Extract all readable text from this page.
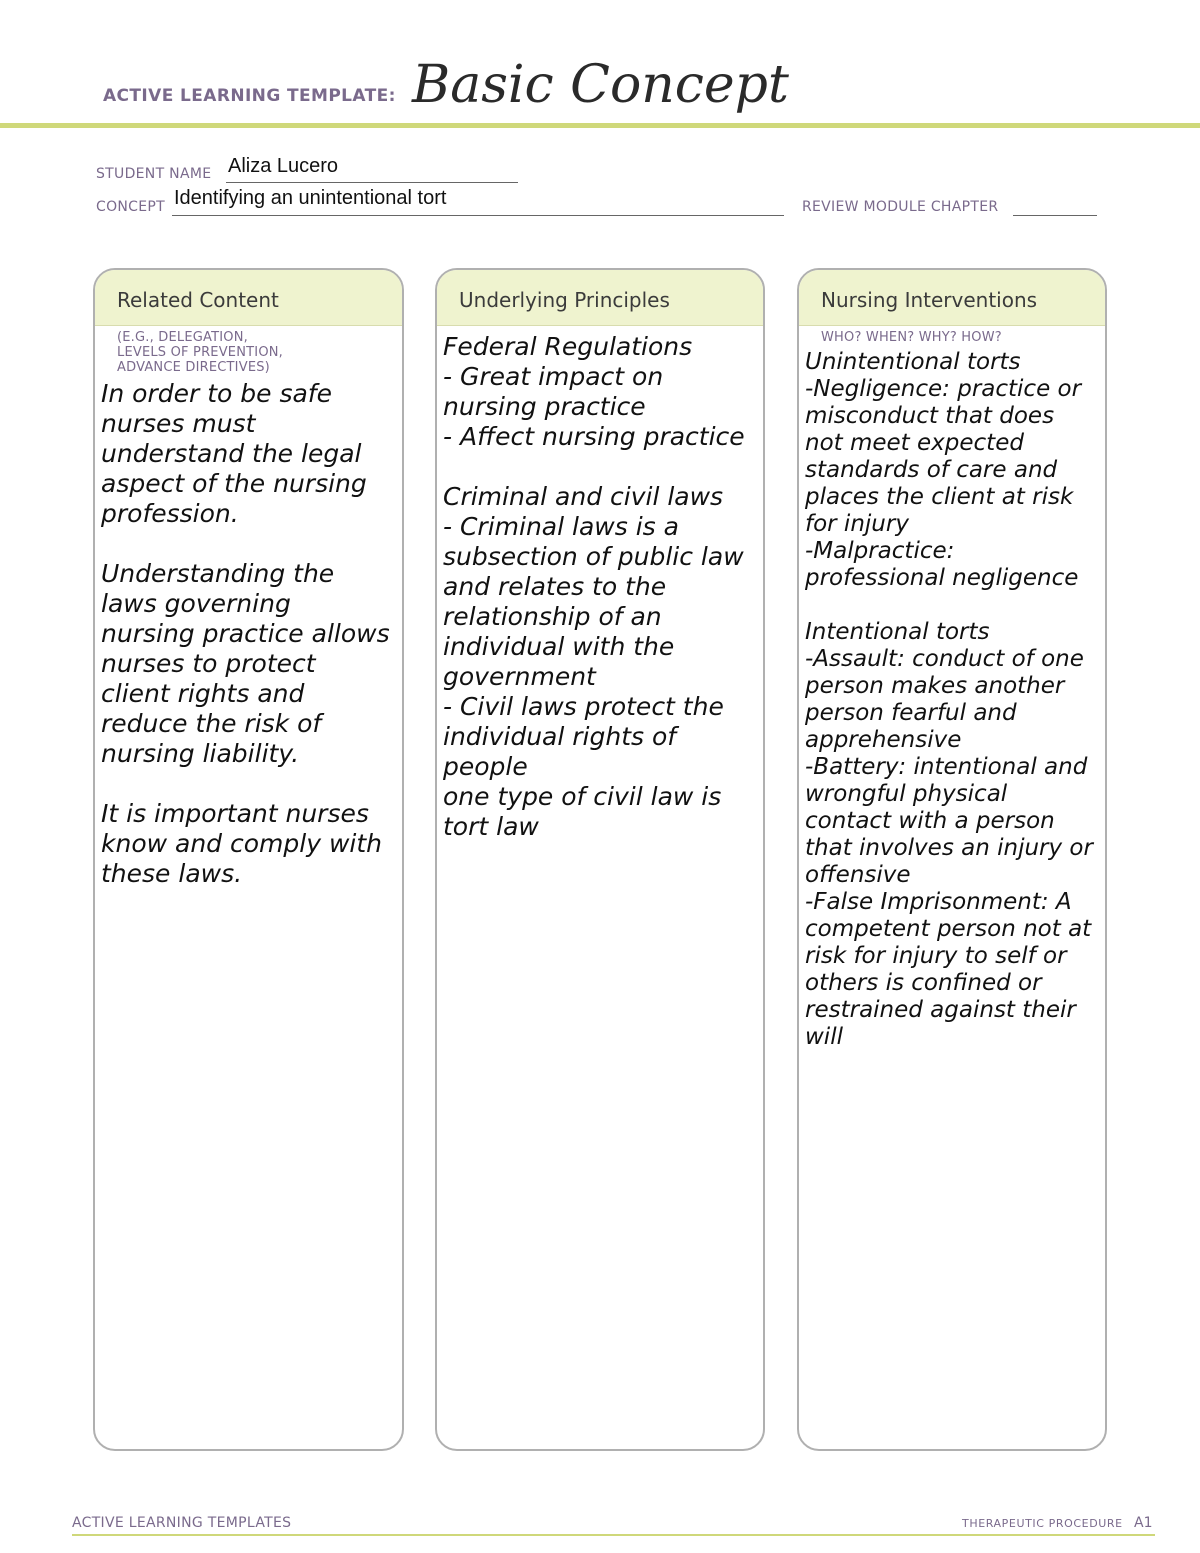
ACTIVE LEARNING TEMPLATE: Basic Concept
STUDENT NAME Aliza Lucero
CONCEPT Identifying an unintentional tort	REVIEW MODULE CHAPTER
Related Content
(E.G., DELEGATION,
LEVELS OF PREVENTION,
ADVANCE DIRECTIVES)
In order to be safe nurses must understand the legal aspect of the nursing profession.

Understanding the laws governing nursing practice allows nurses to protect client rights and reduce the risk of nursing liability.

It is important nurses know and comply with these laws.
Underlying Principles
Federal Regulations
- Great impact on nursing practice
- Affect nursing practice

Criminal and civil laws
- Criminal laws is a subsection of public law and relates to the relationship of an individual with the government
- Civil laws protect the individual rights of people
one type of civil law is tort law
Nursing Interventions
WHO? WHEN? WHY? HOW?
Unintentional torts
-Negligence: practice or misconduct that does not meet expected standards of care and places the client at risk for injury
-Malpractice: professional negligence

Intentional torts
-Assault: conduct of one person makes another person fearful and apprehensive
-Battery: intentional and wrongful physical contact with a person that involves an injury or offensive
-False Imprisonment: A competent person not at risk for injury to self or others is confined or restrained against their will
ACTIVE LEARNING TEMPLATES	THERAPEUTIC PROCEDURE A1
